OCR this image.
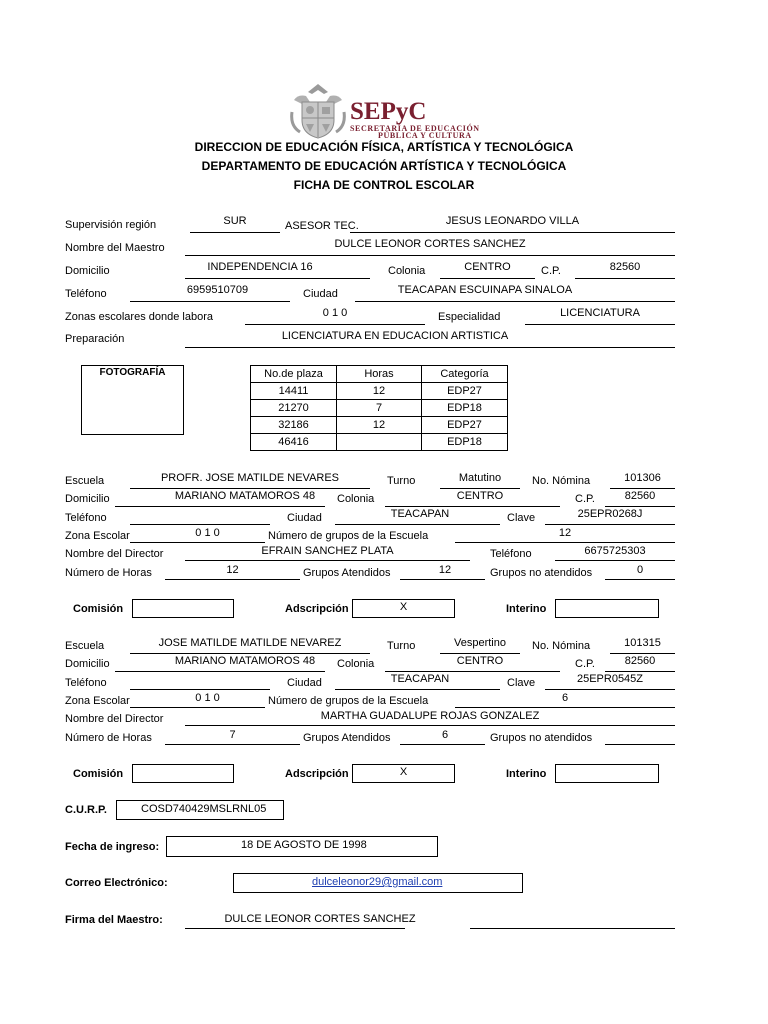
SEPyC
SECRETARÍA DE EDUCACIÓN
PÚBLICA Y CULTURA
DIRECCION DE EDUCACIÓN FÍSICA, ARTÍSTICA Y TECNOLÓGICA
DEPARTAMENTO DE EDUCACIÓN ARTÍSTICA Y TECNOLÓGICA
FICHA DE CONTROL ESCOLAR
Supervisión región	SUR	ASESOR TEC.	JESUS LEONARDO VILLA
Nombre del Maestro	DULCE LEONOR CORTES SANCHEZ
Domicilio	INDEPENDENCIA 16	Colonia	CENTRO	C.P.	82560
Teléfono	6959510709	Ciudad	TEACAPAN ESCUINAPA SINALOA
Zonas escolares donde labora	0 1 0	Especialidad	LICENCIATURA
Preparación	LICENCIATURA EN EDUCACION ARTISTICA
FOTOGRAFÍA	No.de plaza	Horas	Categoría
14411	12	EDP27
21270	7	EDP18
32186	12	EDP27
46416		EDP18
Escuela	PROFR. JOSE MATILDE NEVARES	Turno	Matutino	No. Nómina	101306
Domicilio	MARIANO MATAMOROS 48	Colonia	CENTRO	C.P.	82560
Teléfono	Ciudad	TEACAPAN	Clave	25EPR0268J
Zona Escolar	0 1 0	Número de grupos de la Escuela	12
Nombre del Director	EFRAIN SANCHEZ PLATA	Teléfono	6675725303
Número de Horas	12	Grupos Atendidos	12	Grupos no atendidos	0
Comisión	Adscripción	X	Interino
Escuela	JOSE MATILDE MATILDE NEVAREZ	Turno	Vespertino	No. Nómina	101315
Domicilio	MARIANO MATAMOROS 48	Colonia	CENTRO	C.P.	82560
Teléfono	Ciudad	TEACAPAN	Clave	25EPR0545Z
Zona Escolar	0 1 0	Número de grupos de la Escuela	6
Nombre del Director	MARTHA GUADALUPE ROJAS GONZALEZ
Número de Horas	7	Grupos Atendidos	6	Grupos no atendidos
Comisión	Adscripción	X	Interino
C.U.R.P.	COSD740429MSLRNL05
Fecha de ingreso:	18 DE AGOSTO DE 1998
Correo Electrónico:	dulceleonor29@gmail.com
Firma del Maestro:	DULCE LEONOR CORTES SANCHEZ
